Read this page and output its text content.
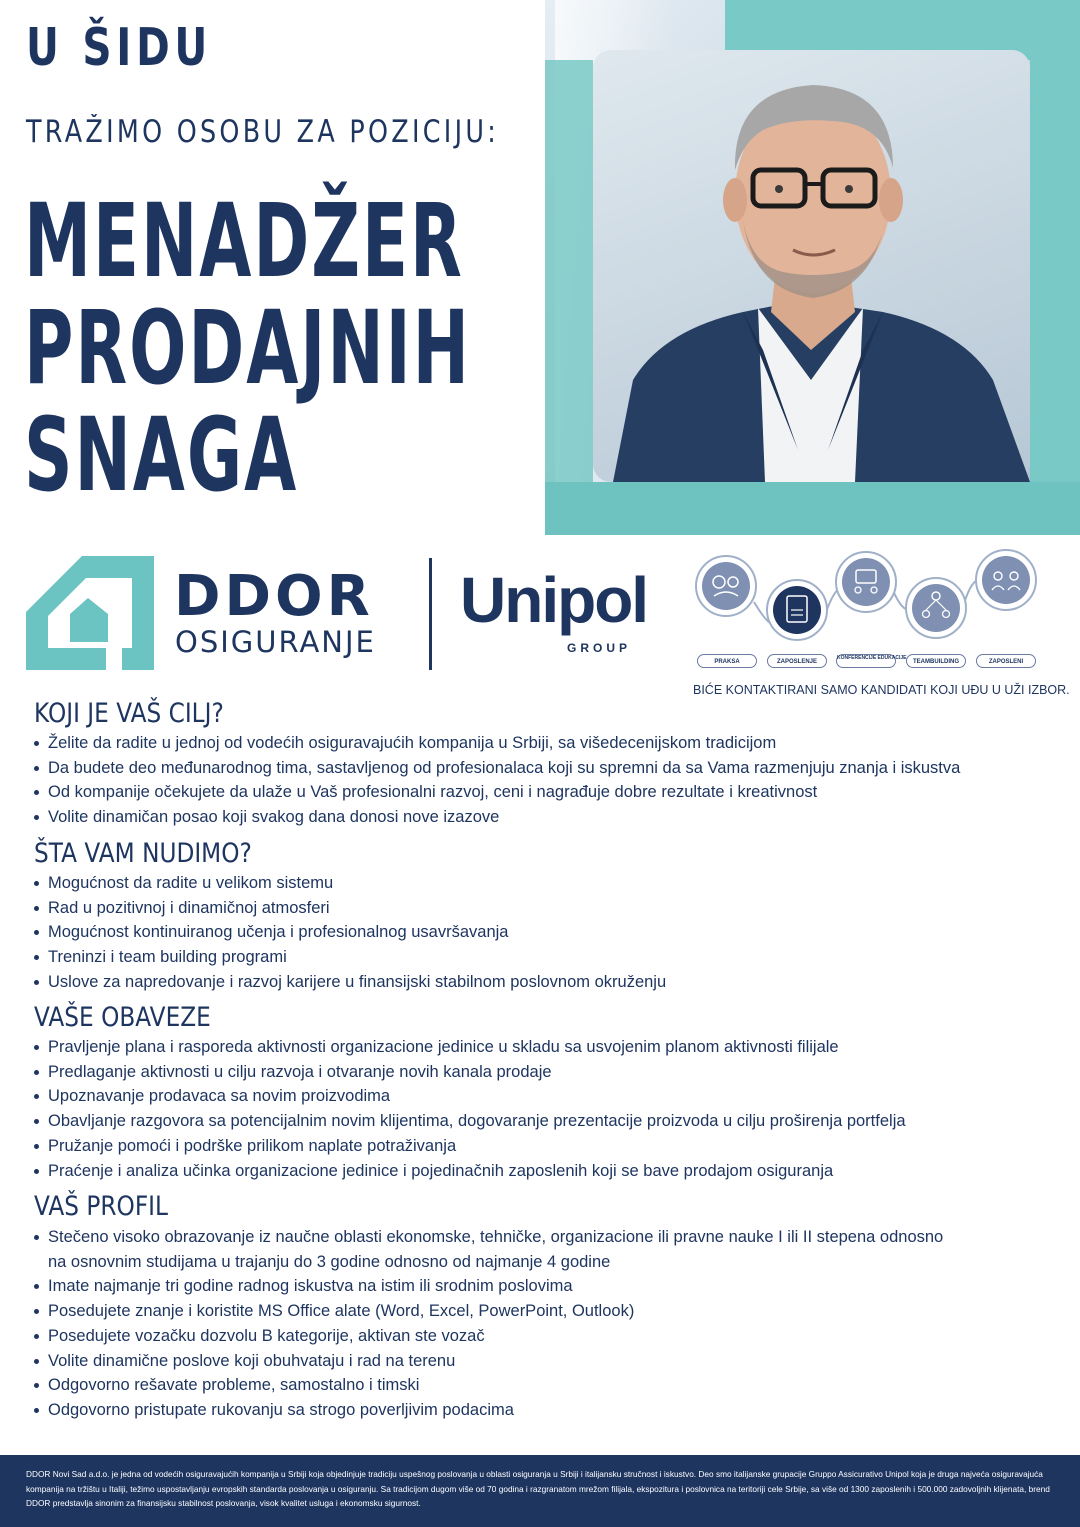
U ŠIDU
TRAŽIMO OSOBU ZA POZICIJU:
MENADŽER
PRODAJNIH
SNAGA
DDOR
OSIGURANJE
Unipol
GROUP
PRAKSA	ZAPOSLENJE
KONFERENCIJE EDUKACIJE
TEAMBUILDING	ZAPOSLENI
BIĆE KONTAKTIRANI SAMO KANDIDATI KOJI UĐU U UŽI IZBOR.
KOJI JE VAŠ CILJ?
Želite da radite u jednoj od vodećih osiguravajućih kompanija u Srbiji, sa višedecenijskom tradicijom
Da budete deo međunarodnog tima, sastavljenog od profesionalaca koji su spremni da sa Vama razmenjuju znanja i iskustva
Od kompanije očekujete da ulaže u Vaš profesionalni razvoj, ceni i nagrađuje dobre rezultate i kreativnost
Volite dinamičan posao koji svakog dana donosi nove izazove
ŠTA VAM NUDIMO?
Mogućnost da radite u velikom sistemu
Rad u pozitivnoj i dinamičnoj atmosferi
Mogućnost kontinuiranog učenja i profesionalnog usavršavanja
Treninzi i team building programi
Uslove za napredovanje i razvoj karijere u finansijski stabilnom poslovnom okruženju
VAŠE OBAVEZE
Pravljenje plana i rasporeda aktivnosti organizacione jedinice u skladu sa usvojenim planom aktivnosti filijale
Predlaganje aktivnosti u cilju razvoja i otvaranje novih kanala prodaje
Upoznavanje prodavaca sa novim proizvodima
Obavljanje razgovora sa potencijalnim novim klijentima, dogovaranje prezentacije proizvoda u cilju proširenja portfelja
Pružanje pomoći i podrške prilikom naplate potraživanja
Praćenje i analiza učinka organizacione jedinice i pojedinačnih zaposlenih koji se bave prodajom osiguranja
VAŠ PROFIL
Stečeno visoko obrazovanje iz naučne oblasti ekonomske, tehničke, organizacione ili pravne nauke I ili II stepena odnosno
na osnovnim studijama u trajanju do 3 godine odnosno od najmanje 4 godine
Imate najmanje tri godine radnog iskustva na istim ili srodnim poslovima
Posedujete znanje i koristite MS Office alate (Word, Excel, PowerPoint, Outlook)
Posedujete vozačku dozvolu B kategorije, aktivan ste vozač
Volite dinamične poslove koji obuhvataju i rad na terenu
Odgovorno rešavate probleme, samostalno i timski
Odgovorno pristupate rukovanju sa strogo poverljivim podacima
DDOR Novi Sad a.d.o. je jedna od vodećih osiguravajućih kompanija u Srbiji koja objedinjuje tradiciju uspešnog poslovanja u oblasti osiguranja u Srbiji i italijansku stručnost i iskustvo. Deo smo italijanske grupacije Gruppo Assicurativo Unipol koja je druga najveća osiguravajuća kompanija na tržištu u Italiji, težimo uspostavljanju evropskih standarda poslovanja u osiguranju. Sa tradicijom dugom više od 70 godina i razgranatom mrežom filijala, ekspozitura i poslovnica na teritoriji cele Srbije, sa više od 1300 zaposlenih i 500.000 zadovoljnih klijenata, brend DDOR predstavlja sinonim za finansijsku stabilnost poslovanja, visok kvalitet usluga i ekonomsku sigurnost.
